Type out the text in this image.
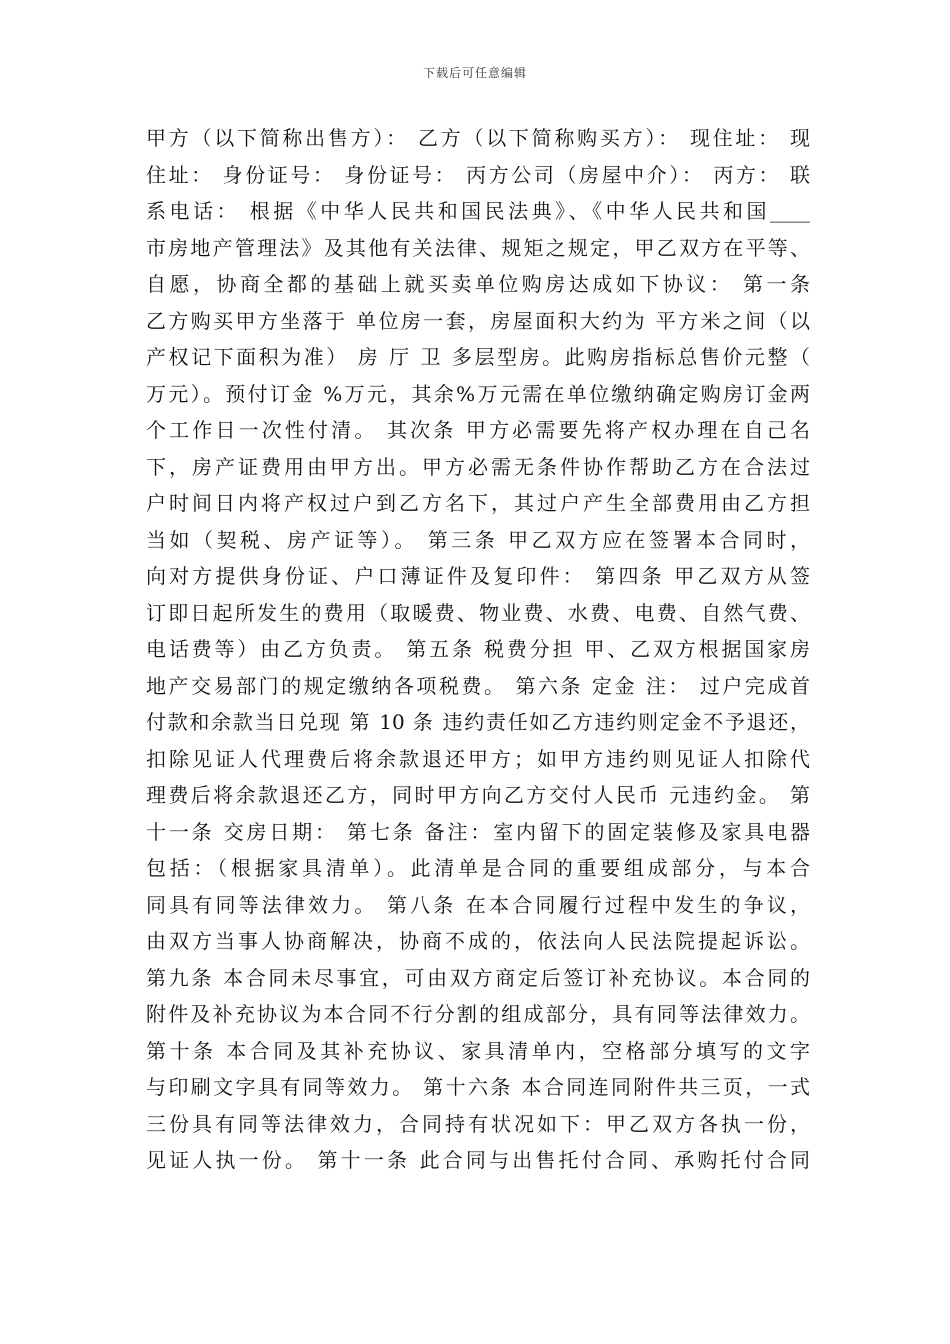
下载后可任意编辑
甲方（以下简称出售方）： 乙方（以下简称购买方）： 现住址： 现
住址： 身份证号： 身份证号： 丙方公司（房屋中介）： 丙方： 联
系电话： 根据《中华人民共和国民法典》、《中华人民共和国____
市房地产管理法》及其他有关法律、规矩之规定，甲乙双方在平等、
自愿，协商全都的基础上就买卖单位购房达成如下协议： 第一条
乙方购买甲方坐落于 单位房一套，房屋面积大约为 平方米之间（以
产权记下面积为准） 房 厅 卫 多层型房。此购房指标总售价元整（
万元）。预付订金 %万元，其余%万元需在单位缴纳确定购房订金两
个工作日一次性付清。 其次条 甲方必需要先将产权办理在自己名
下，房产证费用由甲方出。甲方必需无条件协作帮助乙方在合法过
户时间日内将产权过户到乙方名下，其过户产生全部费用由乙方担
当如（契税、房产证等）。 第三条 甲乙双方应在签署本合同时，
向对方提供身份证、户口薄证件及复印件： 第四条 甲乙双方从签
订即日起所发生的费用（取暖费、物业费、水费、电费、自然气费、
电话费等）由乙方负责。 第五条 税费分担 甲、乙双方根据国家房
地产交易部门的规定缴纳各项税费。 第六条 定金 注： 过户完成首
付款和余款当日兑现 第 10 条 违约责任如乙方违约则定金不予退还，
扣除见证人代理费后将余款退还甲方；如甲方违约则见证人扣除代
理费后将余款退还乙方，同时甲方向乙方交付人民币 元违约金。 第
十一条 交房日期： 第七条 备注：室内留下的固定装修及家具电器
包括：（根据家具清单）。此清单是合同的重要组成部分，与本合
同具有同等法律效力。 第八条 在本合同履行过程中发生的争议，
由双方当事人协商解决，协商不成的，依法向人民法院提起诉讼。
第九条 本合同未尽事宜，可由双方商定后签订补充协议。本合同的
附件及补充协议为本合同不行分割的组成部分，具有同等法律效力。
第十条 本合同及其补充协议、家具清单内，空格部分填写的文字
与印刷文字具有同等效力。 第十六条 本合同连同附件共三页，一式
三份具有同等法律效力，合同持有状况如下：甲乙双方各执一份，
见证人执一份。 第十一条 此合同与出售托付合同、承购托付合同
